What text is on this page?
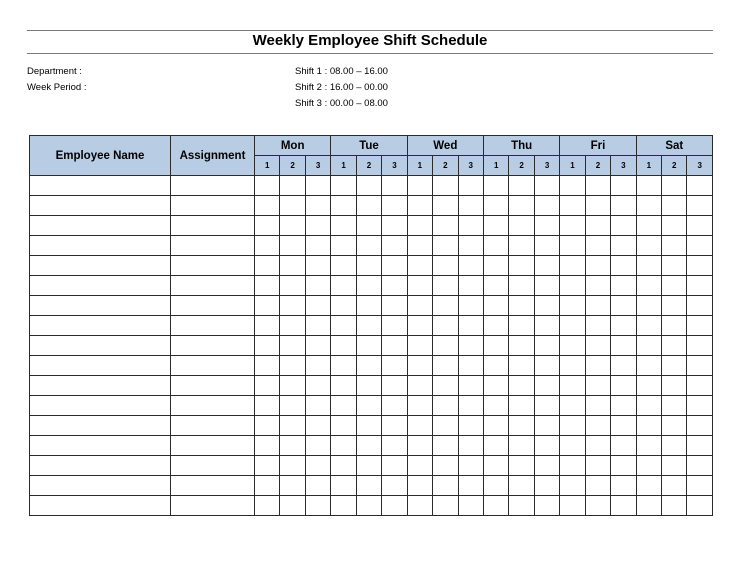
Weekly Employee Shift Schedule
Department :
Week Period :
Shift 1 : 08.00 – 16.00
Shift 2 : 16.00 – 00.00
Shift 3 : 00.00 – 08.00
Employee Name	Assignment	Mon			Tue			Wed			Thu			Fri			Sat		
		1	2	3	1	2	3	1	2	3	1	2	3	1	2	3	1	2	3
